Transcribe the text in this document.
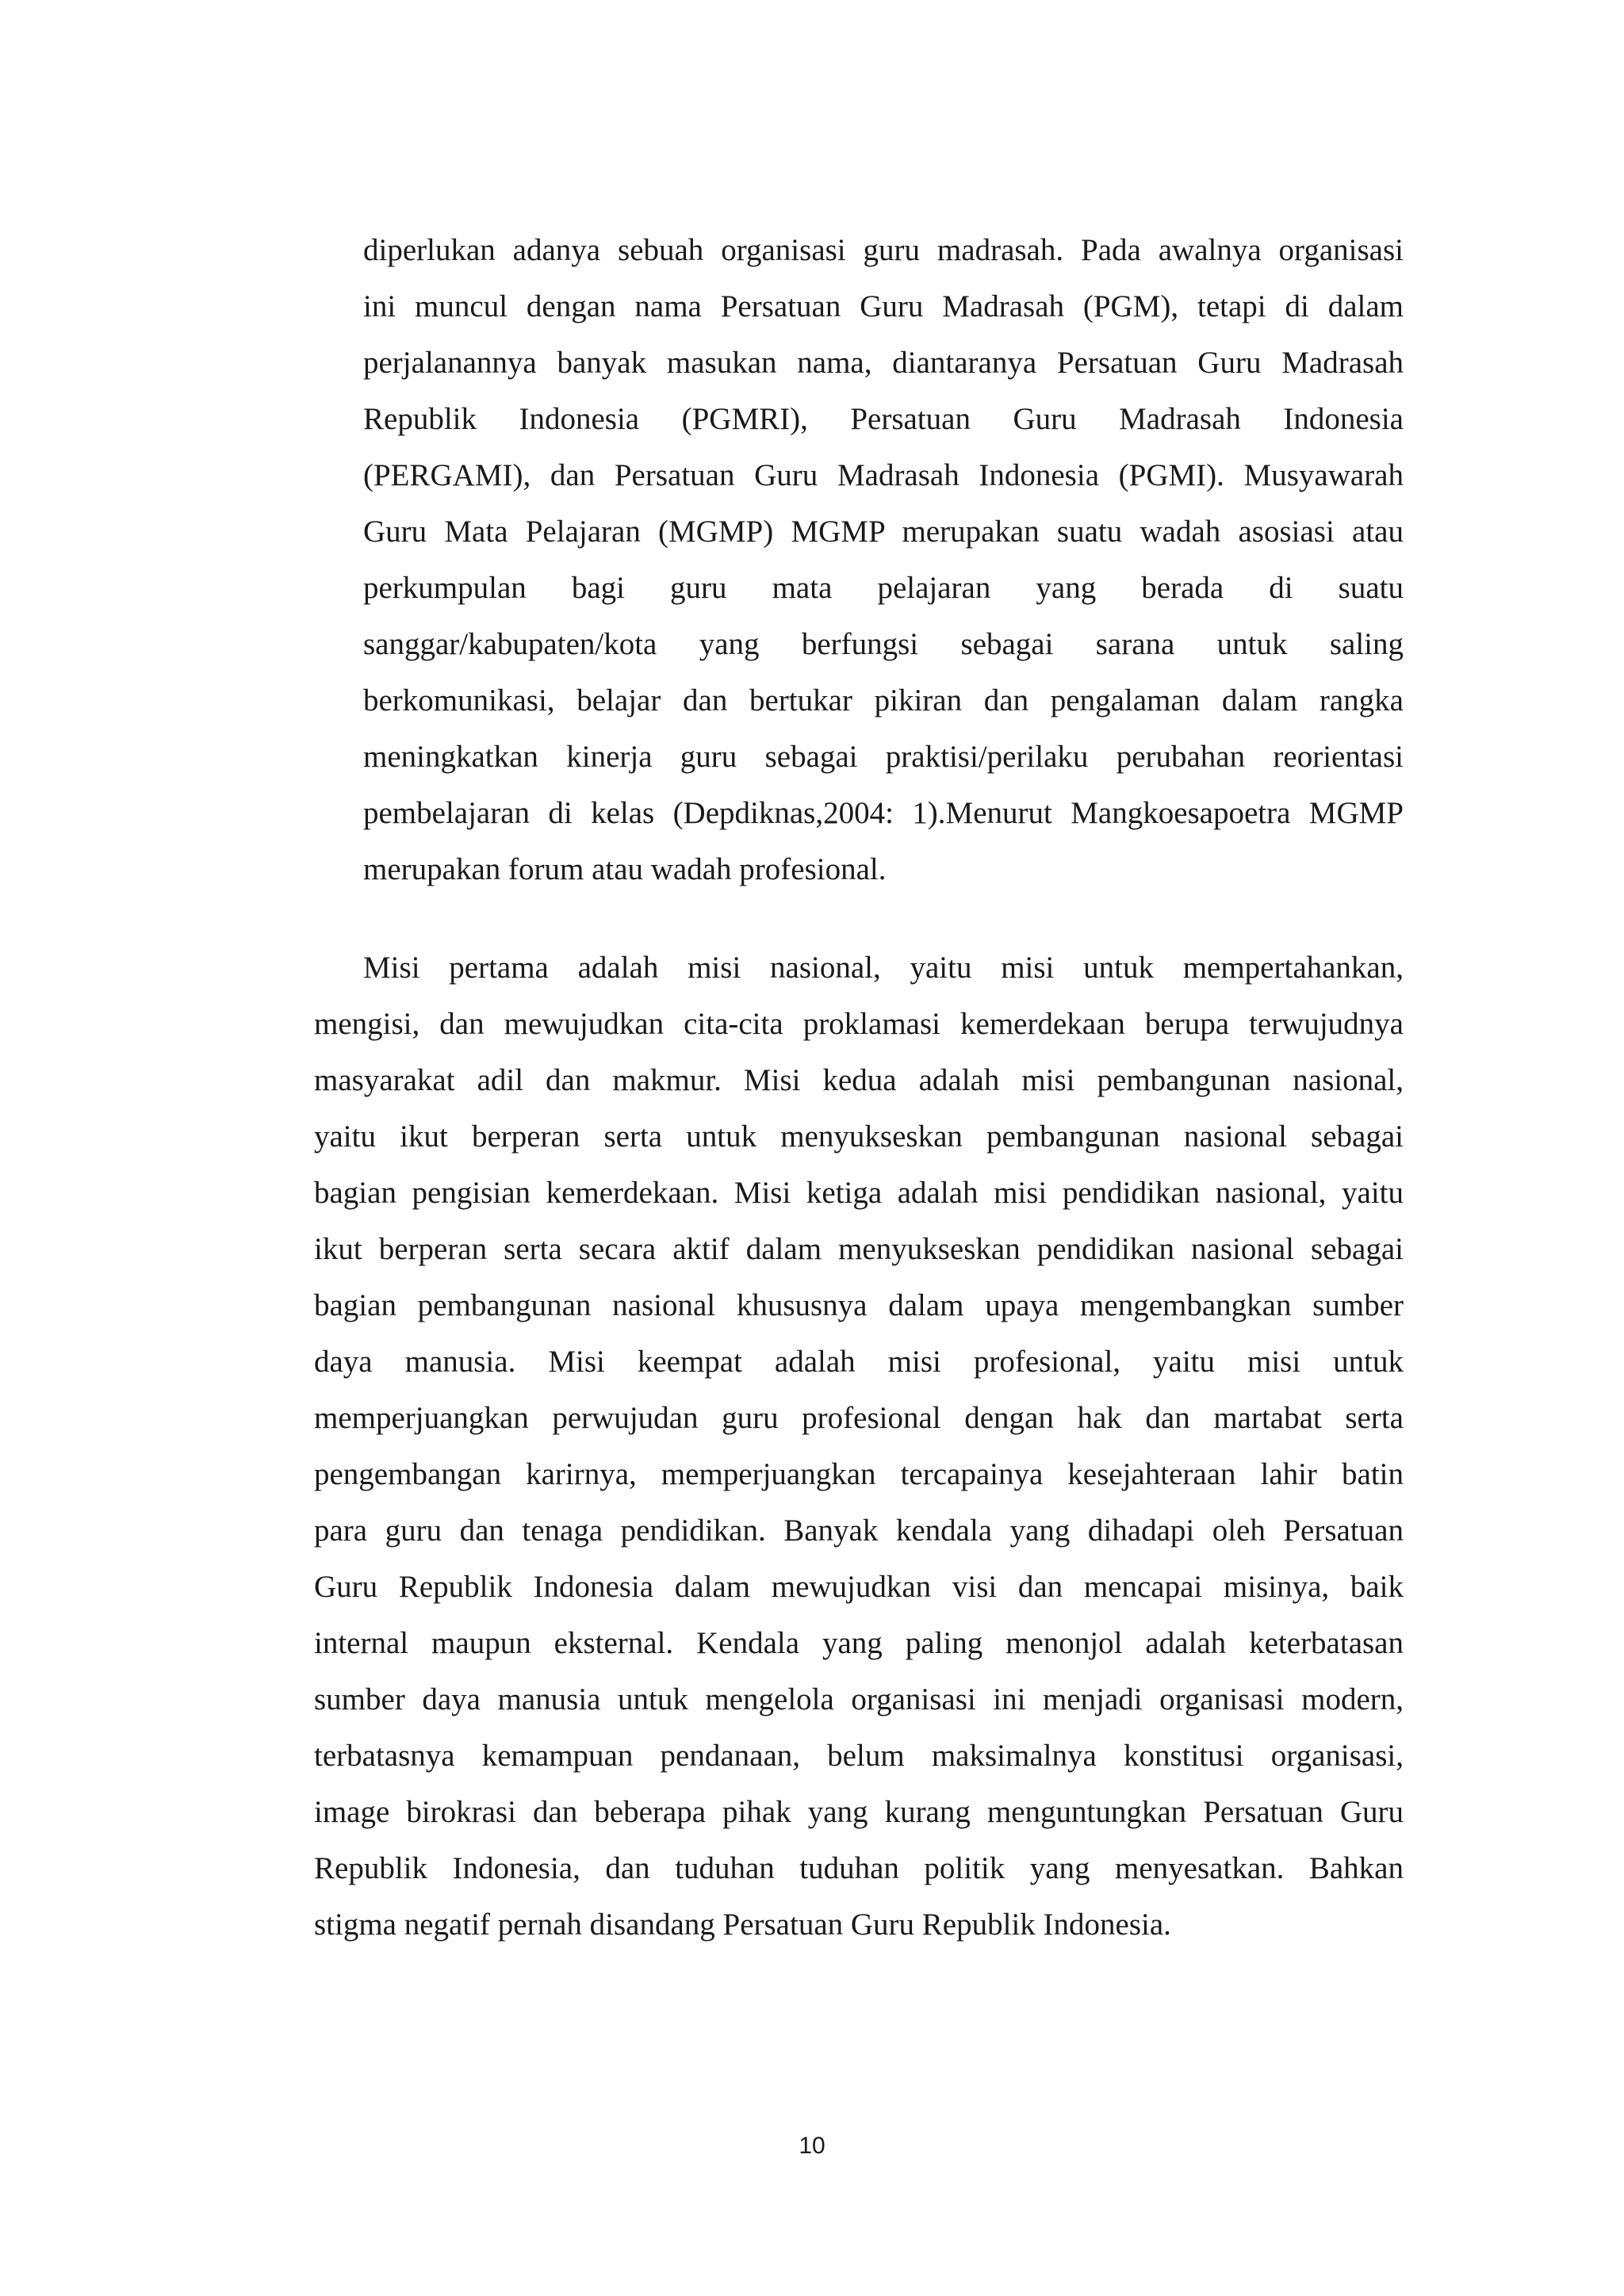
diperlukan adanya sebuah organisasi guru madrasah. Pada awalnya organisasi
ini muncul dengan nama Persatuan Guru Madrasah (PGM), tetapi di dalam
perjalanannya banyak masukan nama, diantaranya Persatuan Guru Madrasah
Republik Indonesia (PGMRI), Persatuan Guru Madrasah Indonesia
(PERGAMI), dan Persatuan Guru Madrasah Indonesia (PGMI). Musyawarah
Guru Mata Pelajaran (MGMP) MGMP merupakan suatu wadah asosiasi atau
perkumpulan bagi guru mata pelajaran yang berada di suatu
sanggar/kabupaten/kota yang berfungsi sebagai sarana untuk saling
berkomunikasi, belajar dan bertukar pikiran dan pengalaman dalam rangka
meningkatkan kinerja guru sebagai praktisi/perilaku perubahan reorientasi
pembelajaran di kelas (Depdiknas,2004: 1).Menurut Mangkoesapoetra MGMP
merupakan forum atau wadah profesional.
Misi pertama adalah misi nasional, yaitu misi untuk mempertahankan,
mengisi, dan mewujudkan cita-cita proklamasi kemerdekaan berupa terwujudnya
masyarakat adil dan makmur. Misi kedua adalah misi pembangunan nasional,
yaitu ikut berperan serta untuk menyukseskan pembangunan nasional sebagai
bagian pengisian kemerdekaan. Misi ketiga adalah misi pendidikan nasional, yaitu
ikut berperan serta secara aktif dalam menyukseskan pendidikan nasional sebagai
bagian pembangunan nasional khususnya dalam upaya mengembangkan sumber
daya manusia. Misi keempat adalah misi profesional, yaitu misi untuk
memperjuangkan perwujudan guru profesional dengan hak dan martabat serta
pengembangan karirnya, memperjuangkan tercapainya kesejahteraan lahir batin
para guru dan tenaga pendidikan. Banyak kendala yang dihadapi oleh Persatuan
Guru Republik Indonesia dalam mewujudkan visi dan mencapai misinya, baik
internal maupun eksternal. Kendala yang paling menonjol adalah keterbatasan
sumber daya manusia untuk mengelola organisasi ini menjadi organisasi modern,
terbatasnya kemampuan pendanaan, belum maksimalnya konstitusi organisasi,
image birokrasi dan beberapa pihak yang kurang menguntungkan Persatuan Guru
Republik Indonesia, dan tuduhan tuduhan politik yang menyesatkan. Bahkan
stigma negatif pernah disandang Persatuan Guru Republik Indonesia.
10
